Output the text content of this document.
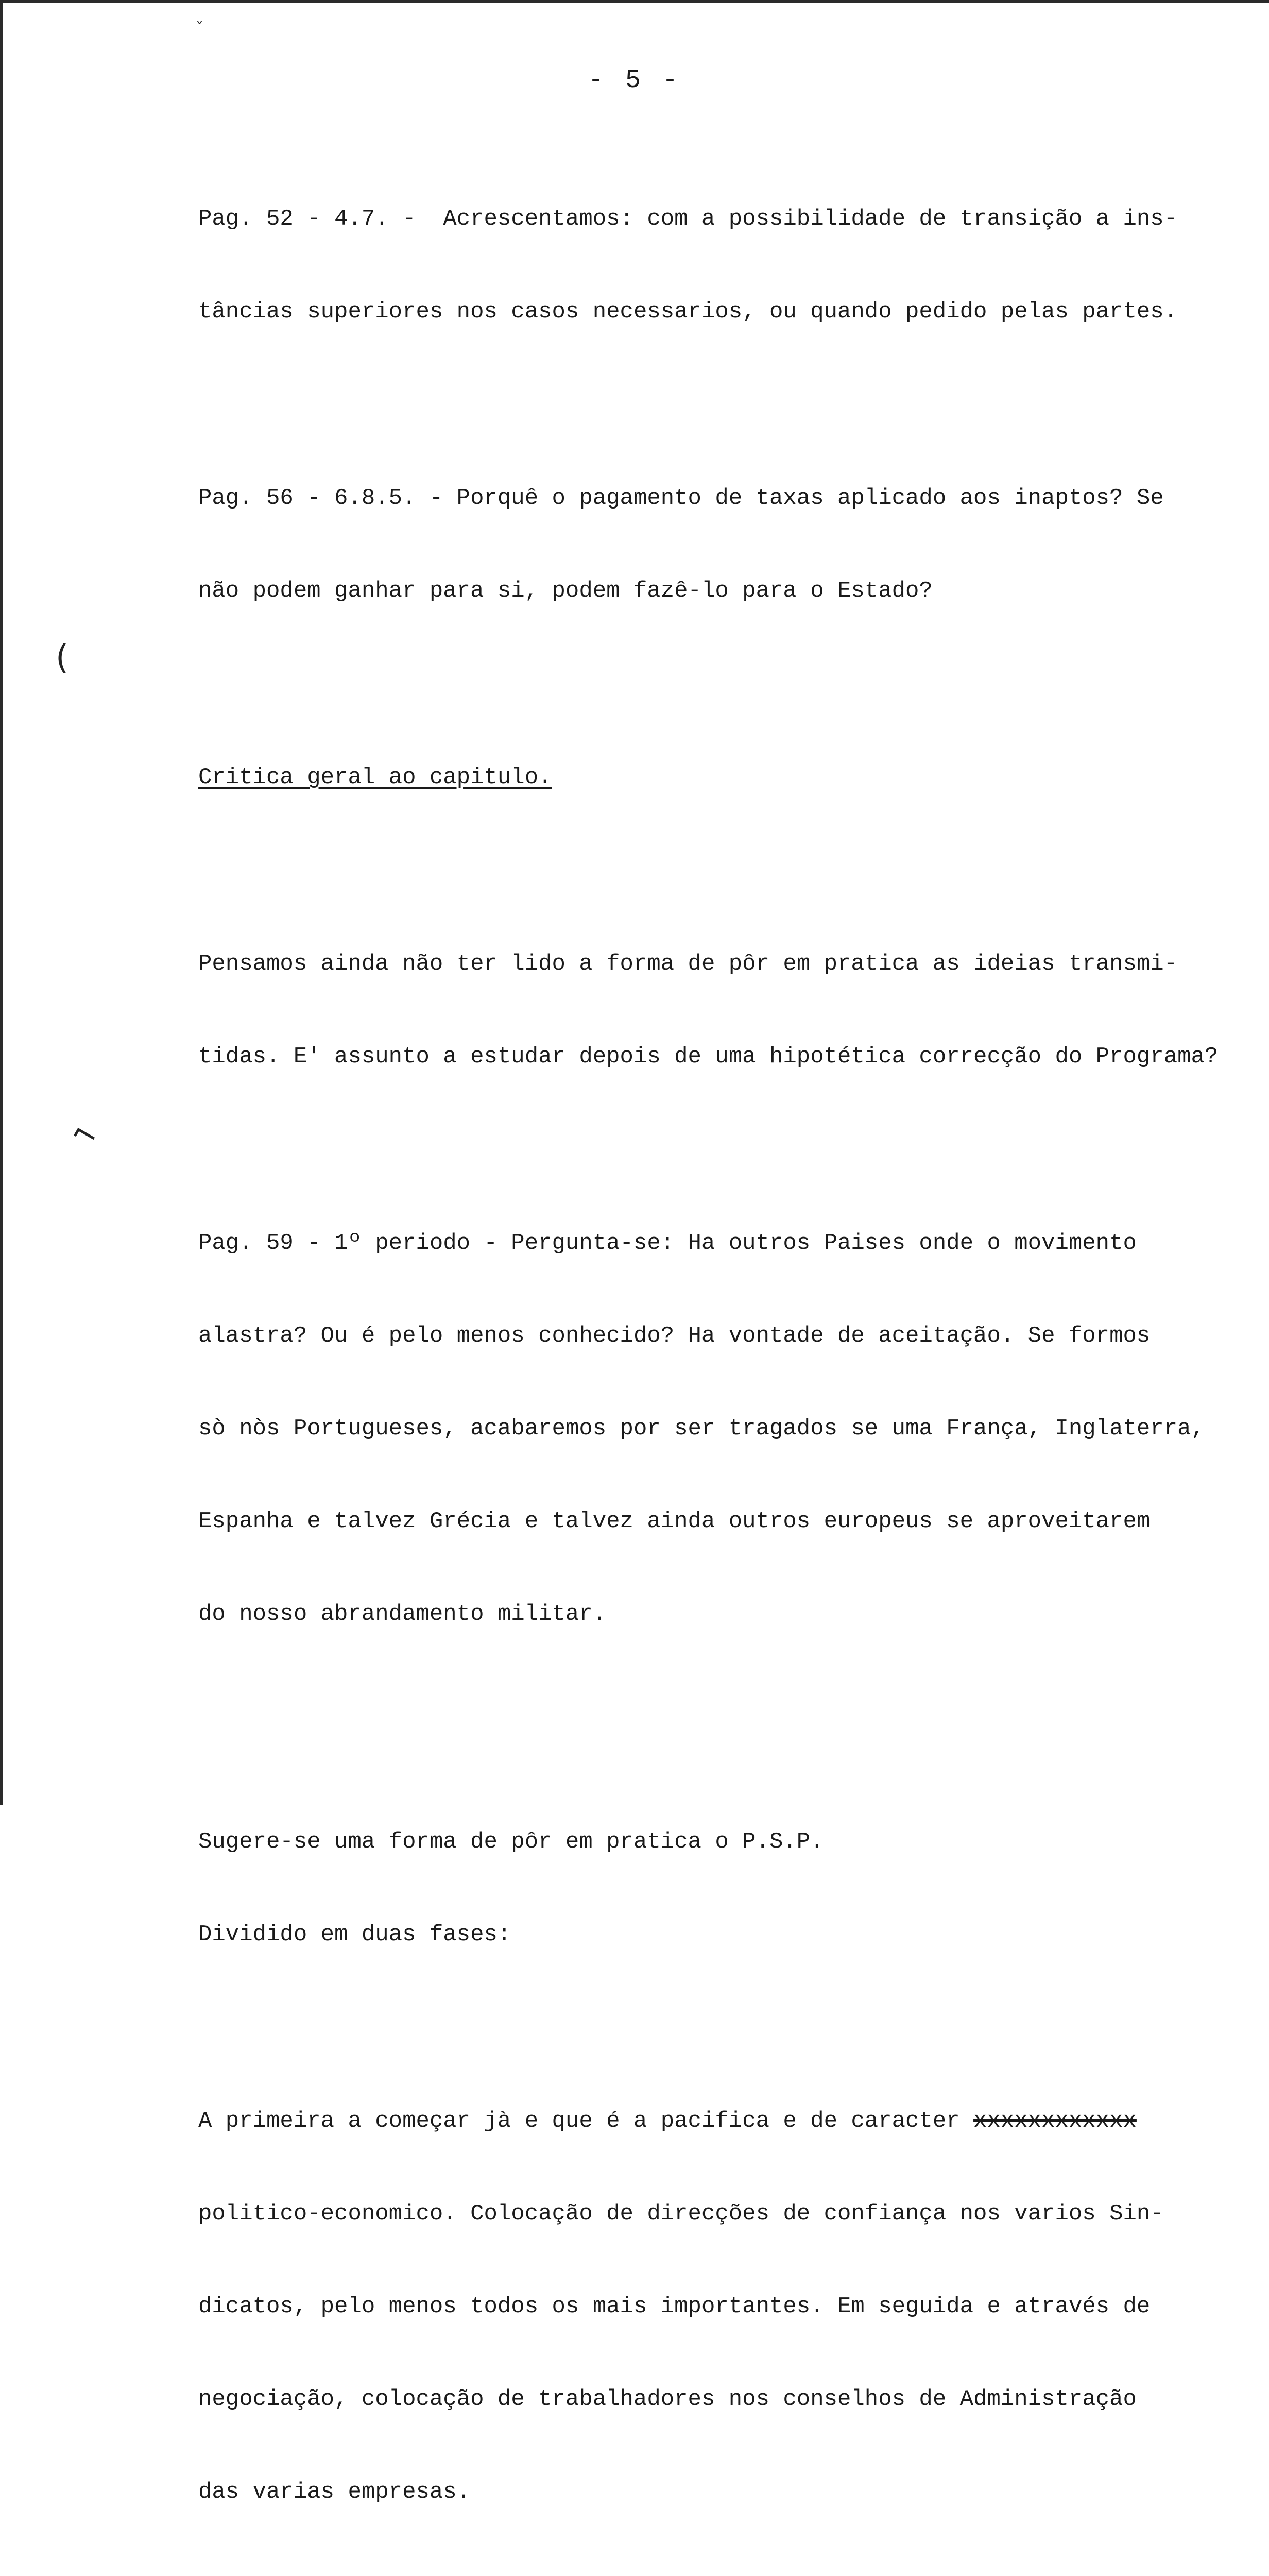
ˇ
(
⌐
- 5 -

Pag. 52 - 4.7. -  Acrescentamos: com a possibilidade de transição a ins-

tâncias superiores nos casos necessarios, ou quando pedido pelas partes.

Pag. 56 - 6.8.5. - Porquê o pagamento de taxas aplicado aos inaptos? Se

não podem ganhar para si, podem fazê-lo para o Estado?

Critica geral ao capitulo.

Pensamos ainda não ter lido a forma de pôr em pratica as ideias transmi-

tidas. E' assunto a estudar depois de uma hipotética correcção do Programa?

Pag. 59 - 1º periodo - Pergunta-se: Ha outros Paises onde o movimento

alastra? Ou é pelo menos conhecido? Ha vontade de aceitação. Se formos

sò nòs Portugueses, acabaremos por ser tragados se uma França, Inglaterra,

Espanha e talvez Grécia e talvez ainda outros europeus se aproveitarem

do nosso abrandamento militar.

Sugere-se uma forma de pôr em pratica o P.S.P.

Dividido em duas fases:

A primeira a começar jà e que é a pacifica e de caracter xxxxxxxxxxxx

politico-economico. Colocação de direcções de confiança nos varios Sin-

dicatos, pelo menos todos os mais importantes. Em seguida e através de

negociação, colocação de trabalhadores nos conselhos de Administração

das varias empresas.
